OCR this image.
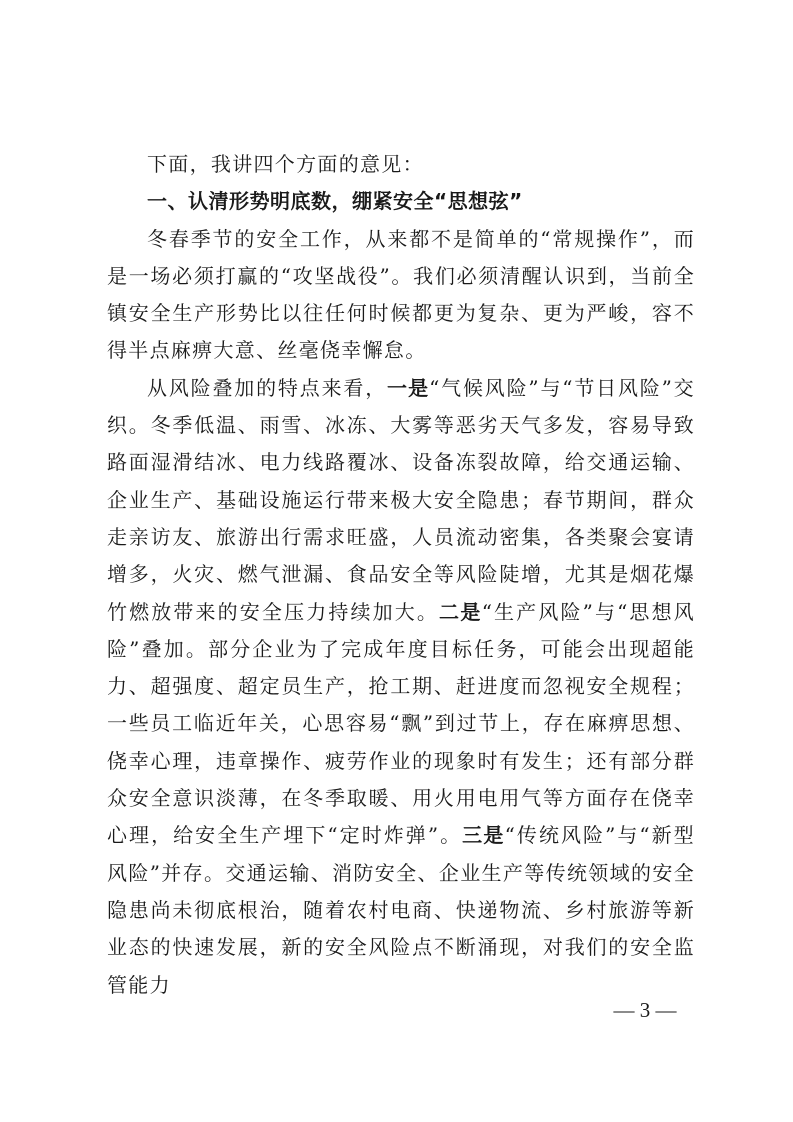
下面，我讲四个方面的意见：

一、认清形势明底数，绷紧安全“思想弦”

冬春季节的安全工作，从来都不是简单的“常规操作”，而是一场必须打赢的“攻坚战役”。我们必须清醒认识到，当前全镇安全生产形势比以往任何时候都更为复杂、更为严峻，容不得半点麻痹大意、丝毫侥幸懈怠。

从风险叠加的特点来看，一是“气候风险”与“节日风险”交织。冬季低温、雨雪、冰冻、大雾等恶劣天气多发，容易导致路面湿滑结冰、电力线路覆冰、设备冻裂故障，给交通运输、企业生产、基础设施运行带来极大安全隐患；春节期间，群众走亲访友、旅游出行需求旺盛，人员流动密集，各类聚会宴请增多，火灾、燃气泄漏、食品安全等风险陡增，尤其是烟花爆竹燃放带来的安全压力持续加大。二是“生产风险”与“思想风险”叠加。部分企业为了完成年度目标任务，可能会出现超能力、超强度、超定员生产，抢工期、赶进度而忽视安全规程；一些员工临近年关，心思容易“飘”到过节上，存在麻痹思想、侥幸心理，违章操作、疲劳作业的现象时有发生；还有部分群众安全意识淡薄，在冬季取暖、用火用电用气等方面存在侥幸心理，给安全生产埋下“定时炸弹”。三是“传统风险”与“新型风险”并存。交通运输、消防安全、企业生产等传统领域的安全隐患尚未彻底根治，随着农村电商、快递物流、乡村旅游等新业态的快速发展，新的安全风险点不断涌现，对我们的安全监管能力

— 3 —
